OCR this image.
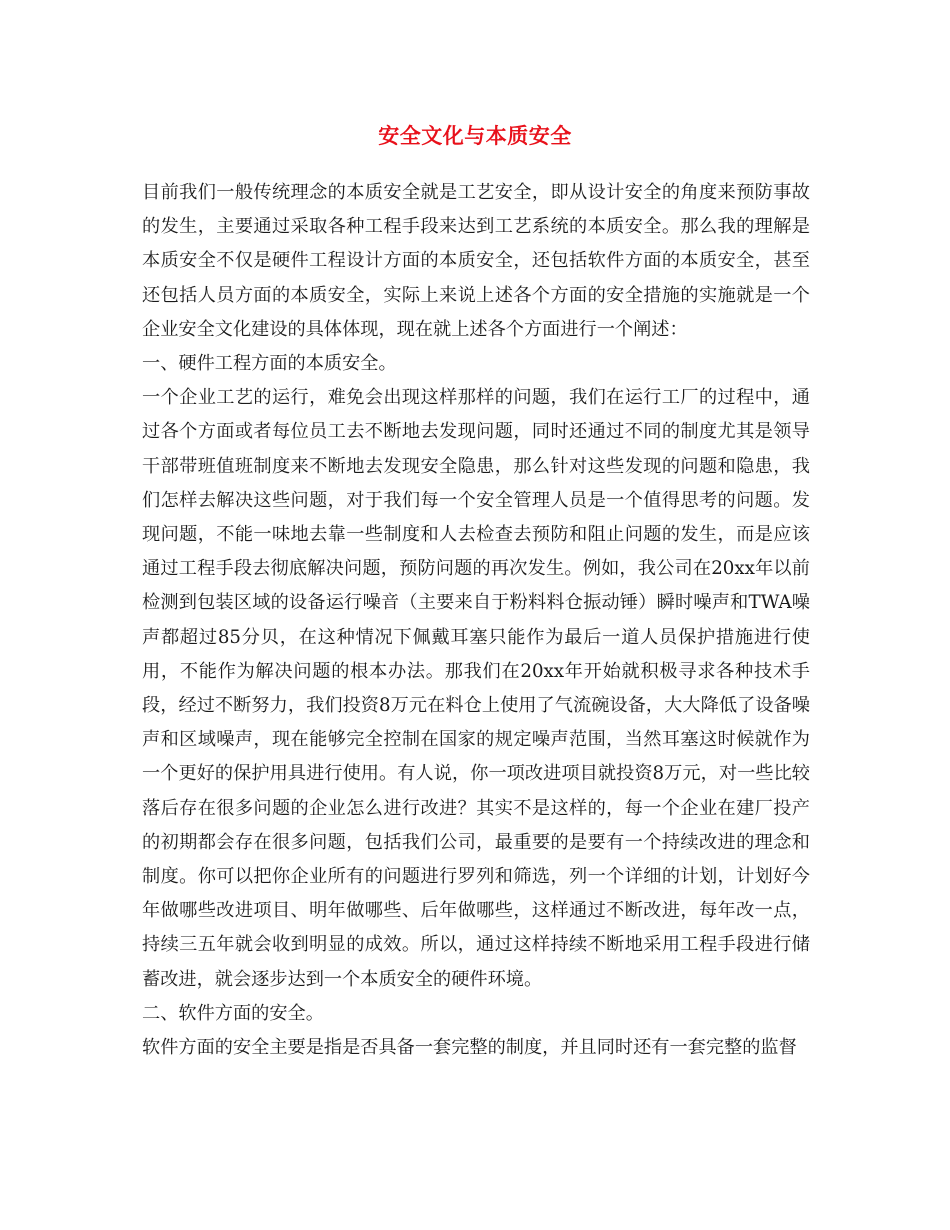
安全文化与本质安全

目前我们一般传统理念的本质安全就是工艺安全，即从设计安全的角度来预防事故的发生，主要通过采取各种工程手段来达到工艺系统的本质安全。那么我的理解是本质安全不仅是硬件工程设计方面的本质安全，还包括软件方面的本质安全，甚至还包括人员方面的本质安全，实际上来说上述各个方面的安全措施的实施就是一个企业安全文化建设的具体体现，现在就上述各个方面进行一个阐述：

一、硬件工程方面的本质安全。

一个企业工艺的运行，难免会出现这样那样的问题，我们在运行工厂的过程中，通过各个方面或者每位员工去不断地去发现问题，同时还通过不同的制度尤其是领导干部带班值班制度来不断地去发现安全隐患，那么针对这些发现的问题和隐患，我们怎样去解决这些问题，对于我们每一个安全管理人员是一个值得思考的问题。发现问题，不能一味地去靠一些制度和人去检查去预防和阻止问题的发生，而是应该通过工程手段去彻底解决问题，预防问题的再次发生。例如，我公司在20xx年以前检测到包装区域的设备运行噪音（主要来自于粉料料仓振动锤）瞬时噪声和TWA噪声都超过85分贝，在这种情况下佩戴耳塞只能作为最后一道人员保护措施进行使用，不能作为解决问题的根本办法。那我们在20xx年开始就积极寻求各种技术手段，经过不断努力，我们投资8万元在料仓上使用了气流碗设备，大大降低了设备噪声和区域噪声，现在能够完全控制在国家的规定噪声范围，当然耳塞这时候就作为一个更好的保护用具进行使用。有人说，你一项改进项目就投资8万元，对一些比较落后存在很多问题的企业怎么进行改进？其实不是这样的，每一个企业在建厂投产的初期都会存在很多问题，包括我们公司，最重要的是要有一个持续改进的理念和制度。你可以把你企业所有的问题进行罗列和筛选，列一个详细的计划，计划好今年做哪些改进项目、明年做哪些、后年做哪些，这样通过不断改进，每年改一点，持续三五年就会收到明显的成效。所以，通过这样持续不断地采用工程手段进行储蓄改进，就会逐步达到一个本质安全的硬件环境。

二、软件方面的安全。

软件方面的安全主要是指是否具备一套完整的制度，并且同时还有一套完整的监督
